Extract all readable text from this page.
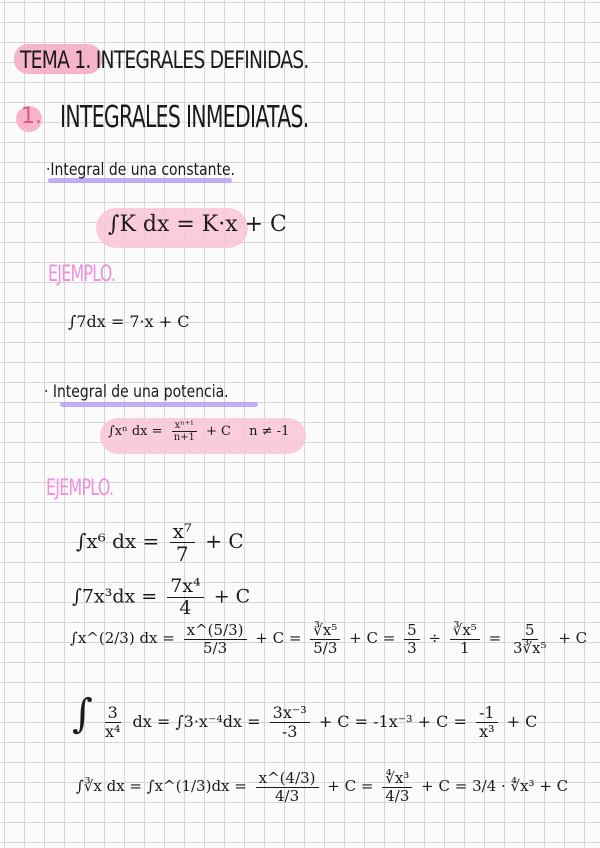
TEMA 1. INTEGRALES DEFINIDAS.
1. INTEGRALES INMEDIATAS.
·Integral de una constante.
∫K dx = K·x + C
EJEMPLO.
∫7dx = 7·x + C
· Integral de una potencia.
∫xⁿ dx = $\frac{\text{xⁿ⁺¹}}{n+1} + C$ n ≠ -1
EJEMPLO.
∫x⁶ dx = $\frac{\text{x⁷}}{7} + C$
$\int 7x^3dx = \frac{\text{7x⁴}}{4} + C$
∫x^(2/3) dx = $\frac{x\^{}(5/3)}{5/3} + C = \frac{\text{∛x⁵}}{5/3} + C = \frac{5}{3} \div \frac{\text{∛x⁵}}{1} = \frac{5}{\text{3∛x⁵}} + C$
∫ $\frac{3}{\text{x⁴}}$ dx = $\int 3\cdot x^{-4}dx = \frac{\text{3x⁻³}}{-3} + C = -1x^{-3} + C = \frac{-1}{\text{x³}} + C$
∫∛x dx = ∫x^(1/3)dx = $\frac{x\^{}(4/3)}{4/3} + C = \frac{\text{∜x³}}{4/3} + C = 3/4$ · ∜x³ + C
